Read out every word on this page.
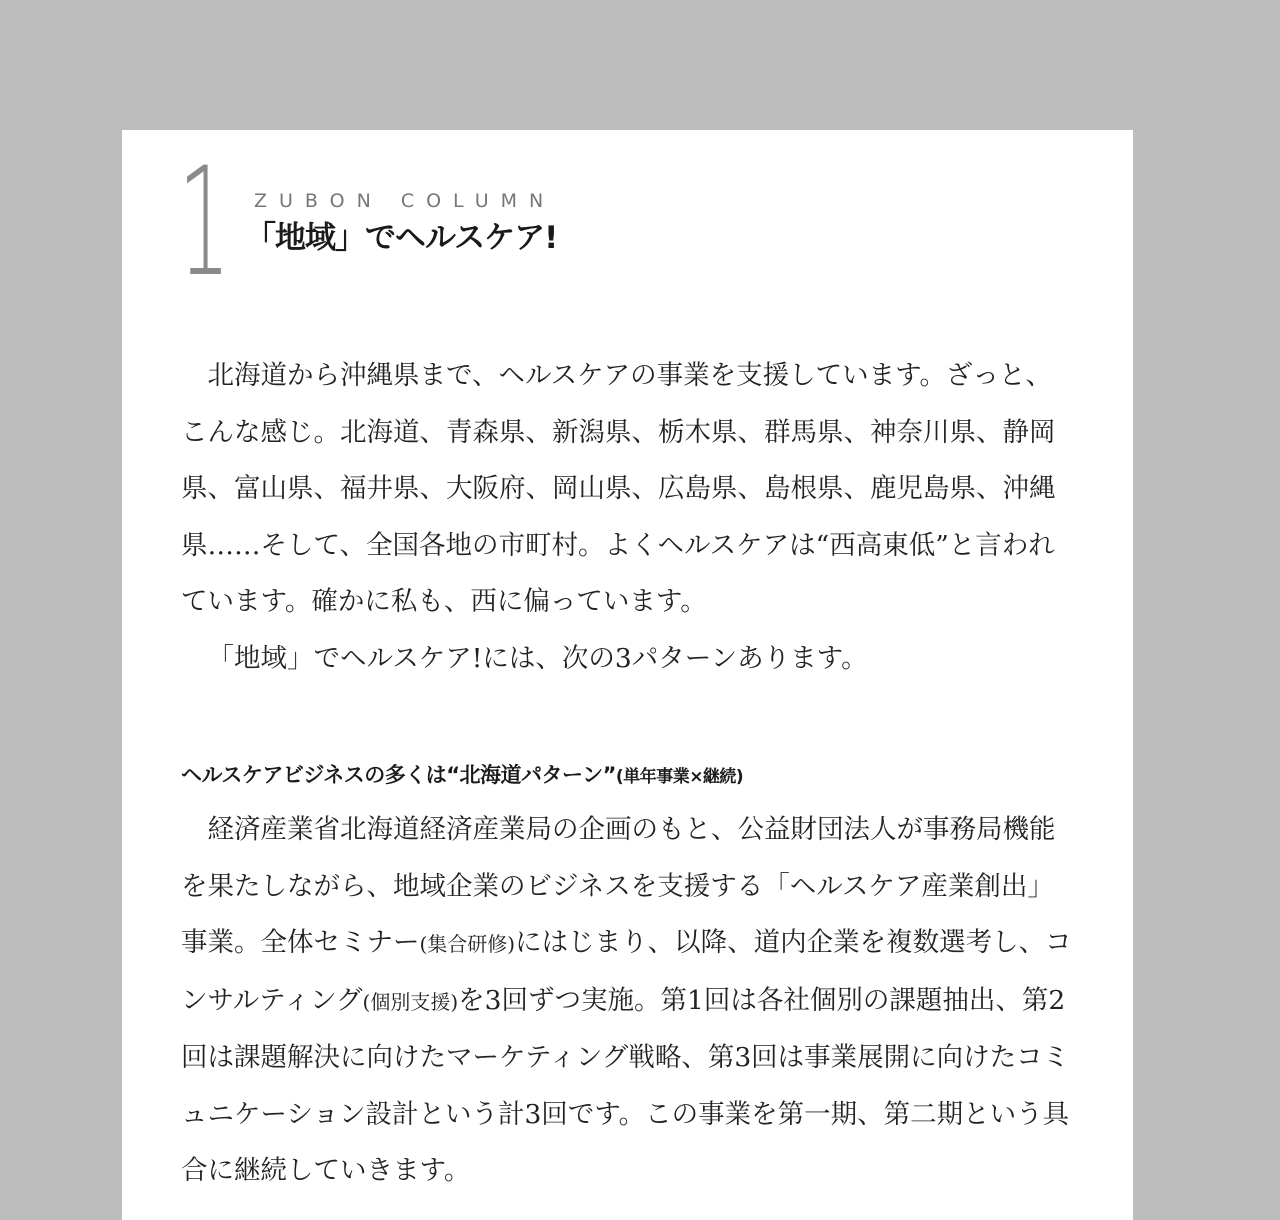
1 ZUBON COLUMN
「地域」でヘルスケア!

北海道から沖縄県まで、ヘルスケアの事業を支援しています。ざっと、こんな感じ。北海道、青森県、新潟県、栃木県、群馬県、神奈川県、静岡県、富山県、福井県、大阪府、岡山県、広島県、島根県、鹿児島県、沖縄県……そして、全国各地の市町村。よくヘルスケアは“西高東低”と言われています。確かに私も、西に偏っています。

「地域」でヘルスケア!には、次の3パターンあります。

ヘルスケアビジネスの多くは“北海道パターン”(単年事業×継続)

経済産業省北海道経済産業局の企画のもと、公益財団法人が事務局機能を果たしながら、地域企業のビジネスを支援する「ヘルスケア産業創出」事業。全体セミナー(集合研修)にはじまり、以降、道内企業を複数選考し、コンサルティング(個別支援)を3回ずつ実施。第1回は各社個別の課題抽出、第2回は課題解決に向けたマーケティング戦略、第3回は事業展開に向けたコミュニケーション設計という計3回です。この事業を第一期、第二期という具合に継続していきます。
